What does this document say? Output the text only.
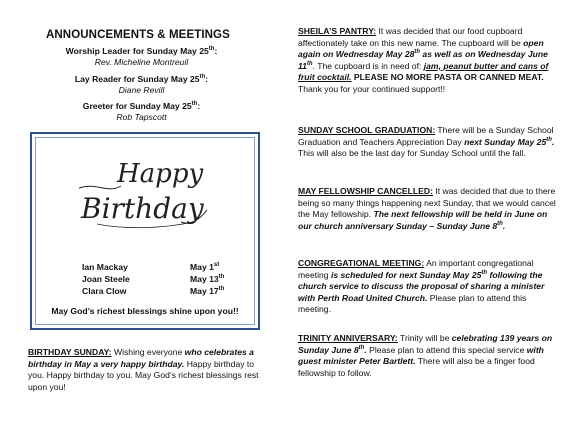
ANNOUNCEMENTS & MEETINGS
Worship Leader for Sunday May 25th:
Rev. Micheline Montreuil
Lay Reader for Sunday May 25th:
Diane Revill
Greeter for Sunday May 25th:
Rob Tapscott
Happy
Birthday
Ian Mackay	May 1st
Joan Steele	May 13th
Clara Clow	May 17th
May God’s richest blessings shine upon you!!
BIRTHDAY SUNDAY: Wishing everyone who celebrates a birthday in May a very happy birthday. Happy birthday to you. Happy birthday to you. May God’s richest blessings rest upon you!
SHEILA’S PANTRY: It was decided that our food cupboard affectionately take on this new name. The cupboard will be open again on Wednesday May 28th as well as on Wednesday June 11th. The cupboard is in need of: jam, peanut butter and cans of fruit cocktail. PLEASE NO MORE PASTA OR CANNED MEAT. Thank you for your continued support!!
SUNDAY SCHOOL GRADUATION: There will be a Sunday School Graduation and Teachers Appreciation Day next Sunday May 25th. This will also be the last day for Sunday School until the fall.
MAY FELLOWSHIP CANCELLED: It was decided that due to there being so many things happening next Sunday, that we would cancel the May fellowship. The next fellowship will be held in June on our church anniversary Sunday – Sunday June 8th.
CONGREGATIONAL MEETING: An important congregational meeting is scheduled for next Sunday May 25th following the church service to discuss the proposal of sharing a minister with Perth Road United Church. Please plan to attend this meeting.
TRINITY ANNIVERSARY: Trinity will be celebrating 139 years on Sunday June 8th. Please plan to attend this special service with guest minister Peter Bartlett. There will also be a finger food fellowship to follow.
